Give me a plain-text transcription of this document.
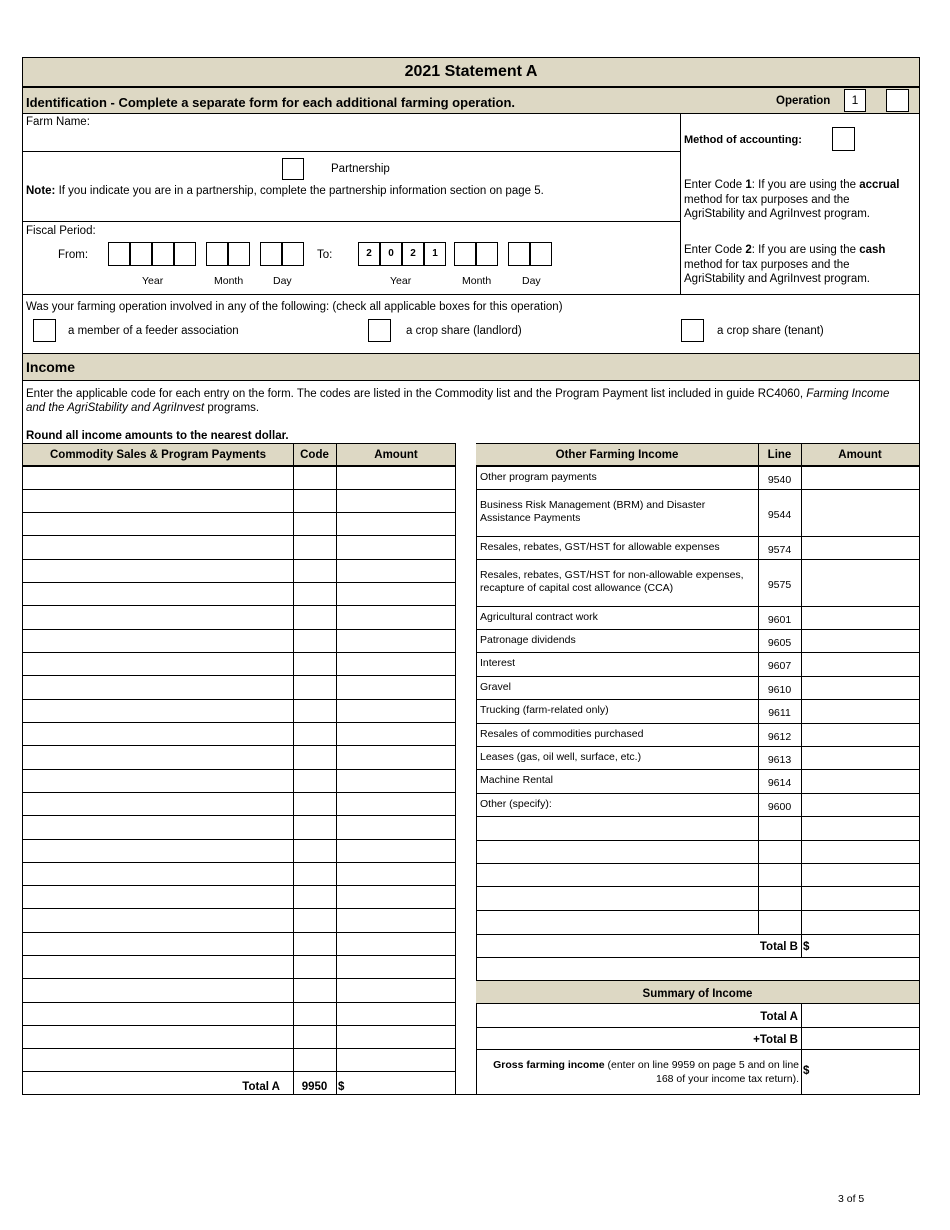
2021 Statement A
Identification - Complete a separate form for each additional farming operation.	Operation	1
Farm Name:
Method of accounting:
Partnership
Note: If you indicate you are in a partnership, complete the partnership information section on page 5.	Enter Code 1: If you are using the accrual
method for tax purposes and the
AgriStability and AgriInvest program.
Enter Code 2: If you are using the cash
method for tax purposes and the
AgriStability and AgriInvest program.
Fiscal Period:
From:	To:	2	0	2	1
Year	Month	Day	Year	Month	Day
Was your farming operation involved in any of the following: (check all applicable boxes for this operation)
a member of a feeder association	a crop share (landlord)	a crop share (tenant)
Income
Enter the applicable code for each entry on the form. The codes are listed in the Commodity list and the Program Payment list included in guide RC4060, Farming Income
and the AgriStability and AgriInvest programs.
Round all income amounts to the nearest dollar.
Commodity Sales & Program Payments	Code	Amount
Total A	9950 $
Other Farming Income	Line	Amount
Other program payments	9540
Business Risk Management (BRM) and Disaster Assistance Payments	9544
Resales, rebates, GST/HST for allowable expenses	9574
Resales, rebates, GST/HST for non-allowable expenses, recapture of capital cost allowance (CCA)	9575
Agricultural contract work	9601
Patronage dividends	9605
Interest	9607
Gravel	9610
Trucking (farm-related only)	9611
Resales of commodities purchased	9612
Leases (gas, oil well, surface, etc.)	9613
Machine Rental	9614
Other (specify):	9600
Total B $
Summary of Income
Total A
+Total B
Gross farming income (enter on line 9959 on page 5 and on line
168 of your income tax return).
$
3 of 5
